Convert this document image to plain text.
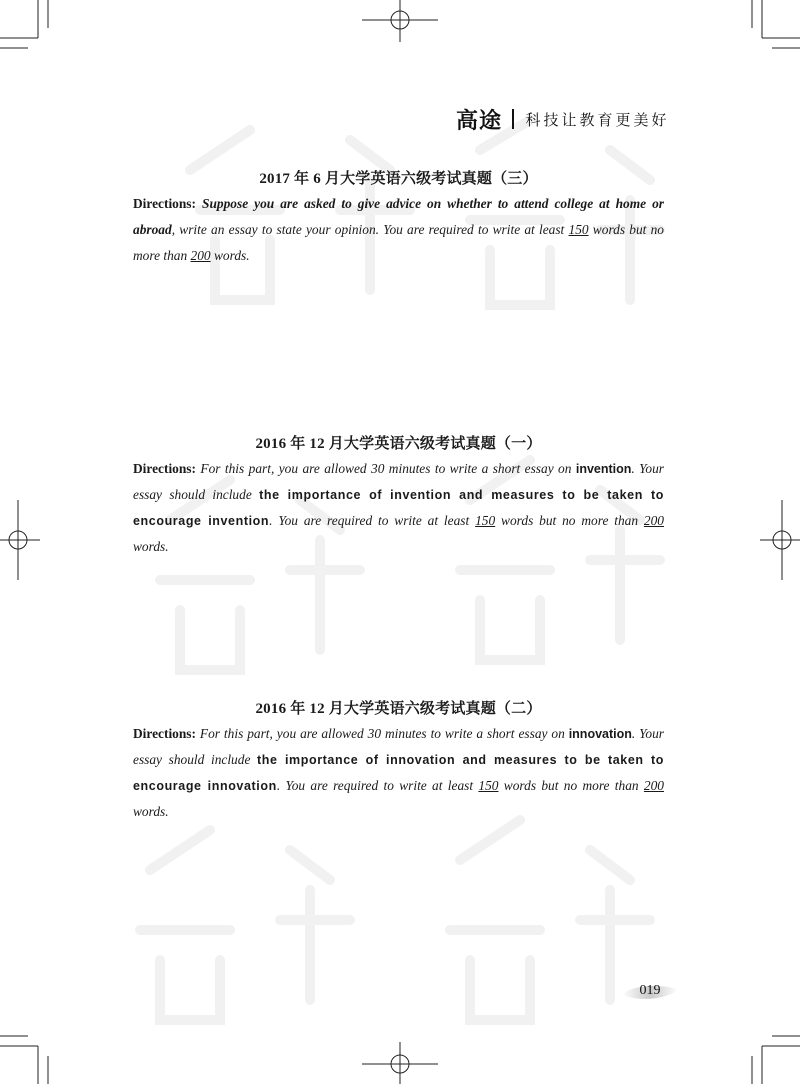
高途 科技让教育更美好

2017 年 6 月大学英语六级考试真题（三）

Directions: Suppose you are asked to give advice on whether to attend college at home or abroad, write an essay to state your opinion. You are required to write at least 150 words but no more than 200 words.

2016 年 12 月大学英语六级考试真题（一）

Directions: For this part, you are allowed 30 minutes to write a short essay on invention. Your essay should include the importance of invention and measures to be taken to encourage invention. You are required to write at least 150 words but no more than 200 words.

2016 年 12 月大学英语六级考试真题（二）

Directions: For this part, you are allowed 30 minutes to write a short essay on innovation. Your essay should include the importance of innovation and measures to be taken to encourage innovation. You are required to write at least 150 words but no more than 200 words.

019
